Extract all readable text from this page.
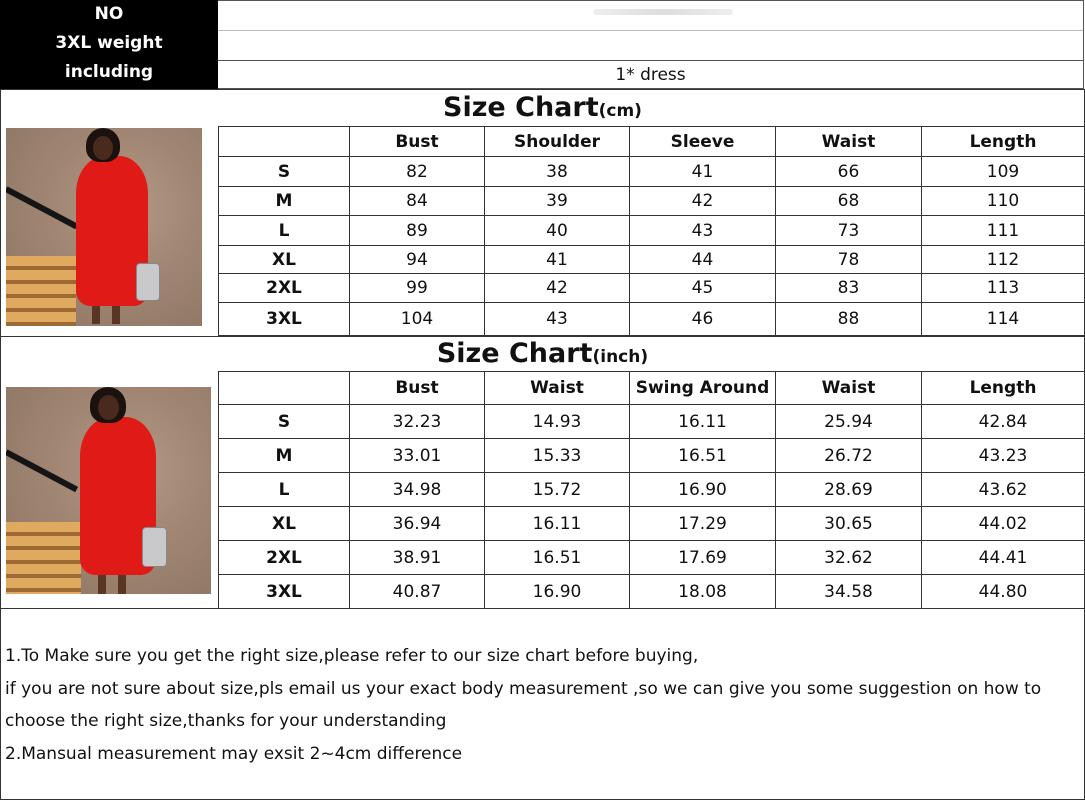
NO
3XL weight
including	1* dress
Size Chart(cm)
	Bust	Shoulder	Sleeve	Waist	Length
S	82	38	41	66	109
M	84	39	42	68	110
L	89	40	43	73	111
XL	94	41	44	78	112
2XL	99	42	45	83	113
3XL	104	43	46	88	114
Size Chart(inch)
	Bust	Waist	Swing Around	Waist	Length
S	32.23	14.93	16.11	25.94	42.84
M	33.01	15.33	16.51	26.72	43.23
L	34.98	15.72	16.90	28.69	43.62
XL	36.94	16.11	17.29	30.65	44.02
2XL	38.91	16.51	17.69	32.62	44.41
3XL	40.87	16.90	18.08	34.58	44.80
1.To Make sure you get the right size,please refer to our size chart before buying,
if you are not sure about size,pls email us your exact body measurement ,so we can give you some suggestion on how to
choose the right size,thanks for your understanding
2.Mansual measurement may exsit 2~4cm difference
